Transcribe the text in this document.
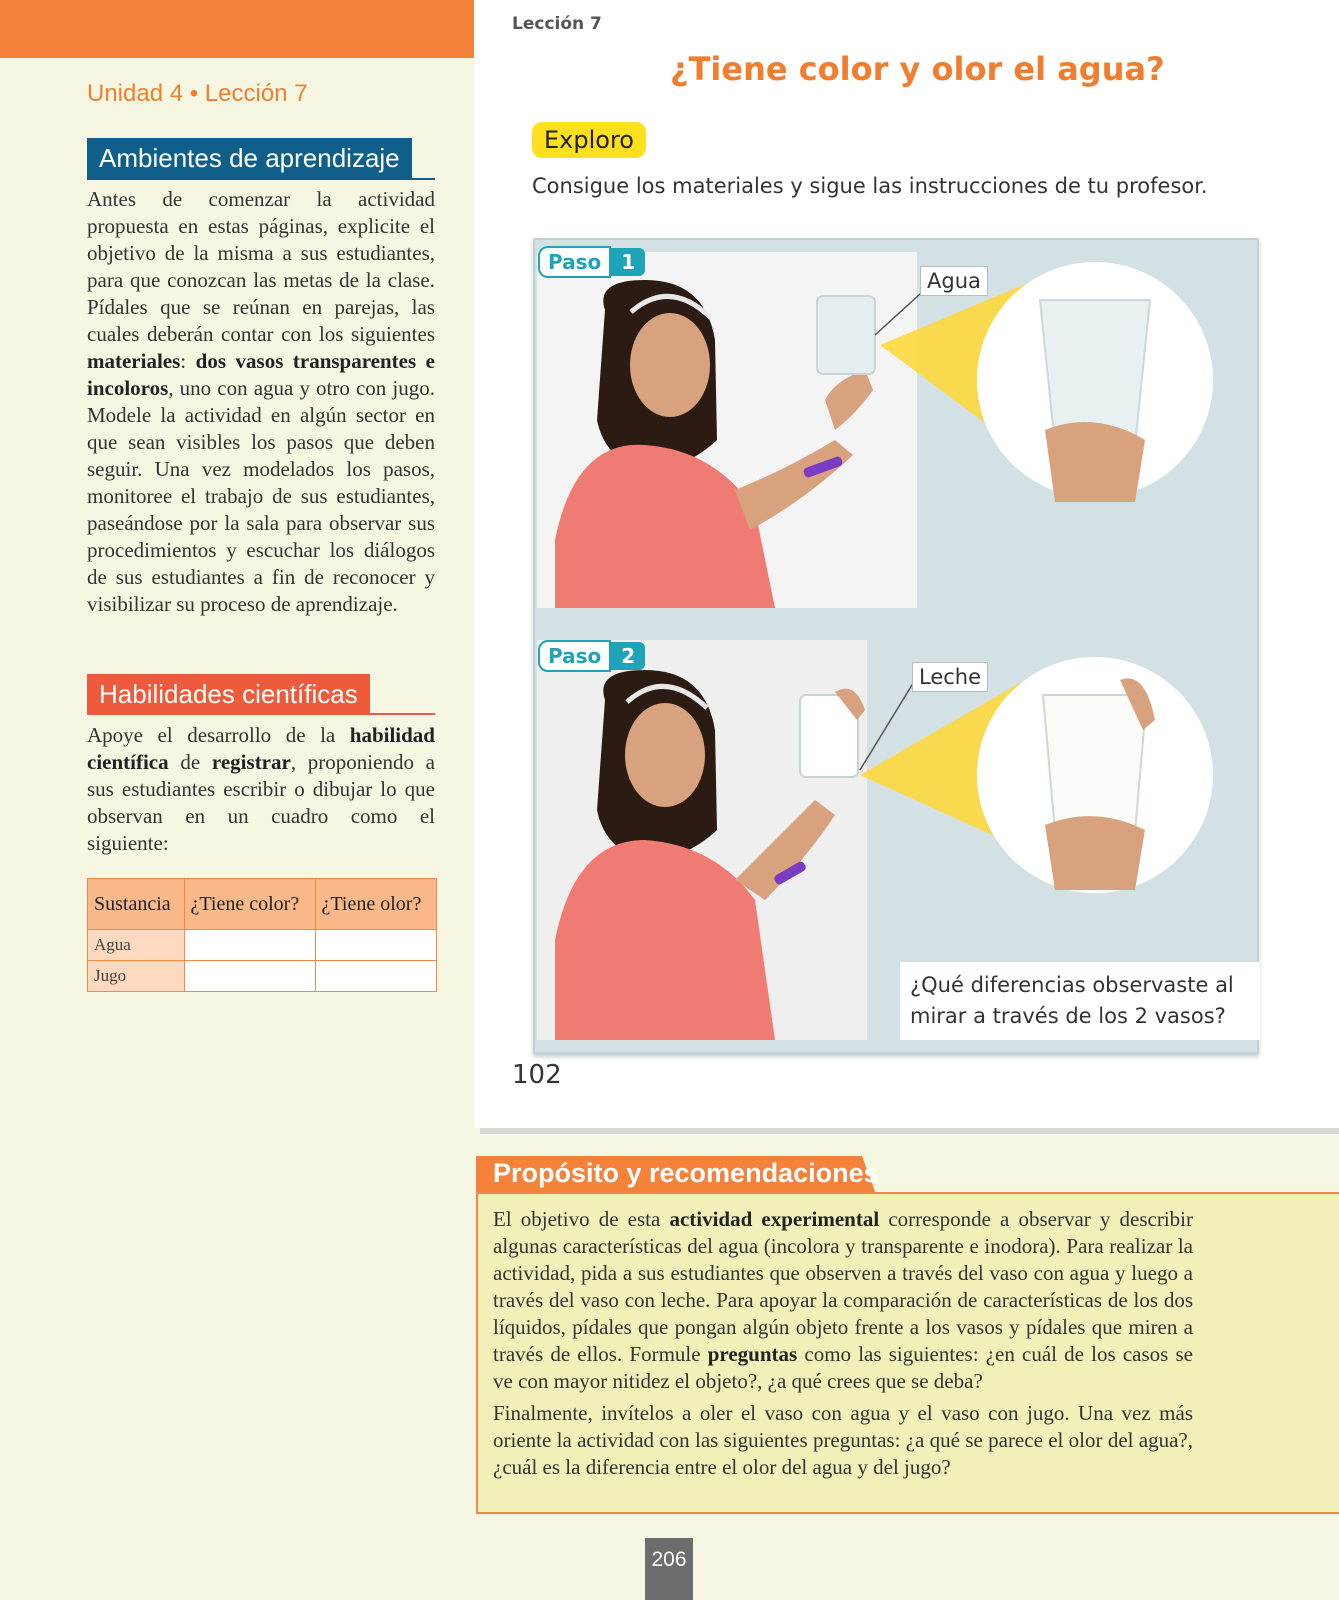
Unidad 4 • Lección 7
Ambientes de aprendizaje
Antes de comenzar la actividad propuesta en estas páginas, explicite el objetivo de la misma a sus estudiantes, para que conozcan las metas de la clase. Pídales que se reúnan en parejas, las cuales deberán contar con los siguientes materiales: dos vasos transparentes e incoloros, uno con agua y otro con jugo. Modele la actividad en algún sector en que sean visibles los pasos que deben seguir. Una vez modelados los pasos, monitoree el trabajo de sus estudiantes, paseándose por la sala para observar sus procedimientos y escuchar los diálogos de sus estudiantes a fin de reconocer y visibilizar su proceso de aprendizaje.
Habilidades científicas
Apoye el desarrollo de la habilidad científica de registrar, proponiendo a sus estudiantes escribir o dibujar lo que observan en un cuadro como el siguiente:
Sustancia	¿Tiene color?	¿Tiene olor?
Agua		
Jugo		
Lección 7
¿Tiene color y olor el agua?
Exploro
Consigue los materiales y sigue las instrucciones de tu profesor.
Paso 1
Paso 2
Agua
Leche
¿Qué diferencias observaste al mirar a través de los 2 vasos?
102
Propósito y recomendaciones
El objetivo de esta actividad experimental corresponde a observar y describir algunas características del agua (incolora y transparente e inodora). Para realizar la actividad, pida a sus estudiantes que observen a través del vaso con agua y luego a través del vaso con leche. Para apoyar la comparación de características de los dos líquidos, pídales que pongan algún objeto frente a los vasos y pídales que miren a través de ellos. Formule preguntas como las siguientes: ¿en cuál de los casos se ve con mayor nitidez el objeto?, ¿a qué crees que se deba?
Finalmente, invítelos a oler el vaso con agua y el vaso con jugo. Una vez más oriente la actividad con las siguientes preguntas: ¿a qué se parece el olor del agua?, ¿cuál es la diferencia entre el olor del agua y del jugo?
206
